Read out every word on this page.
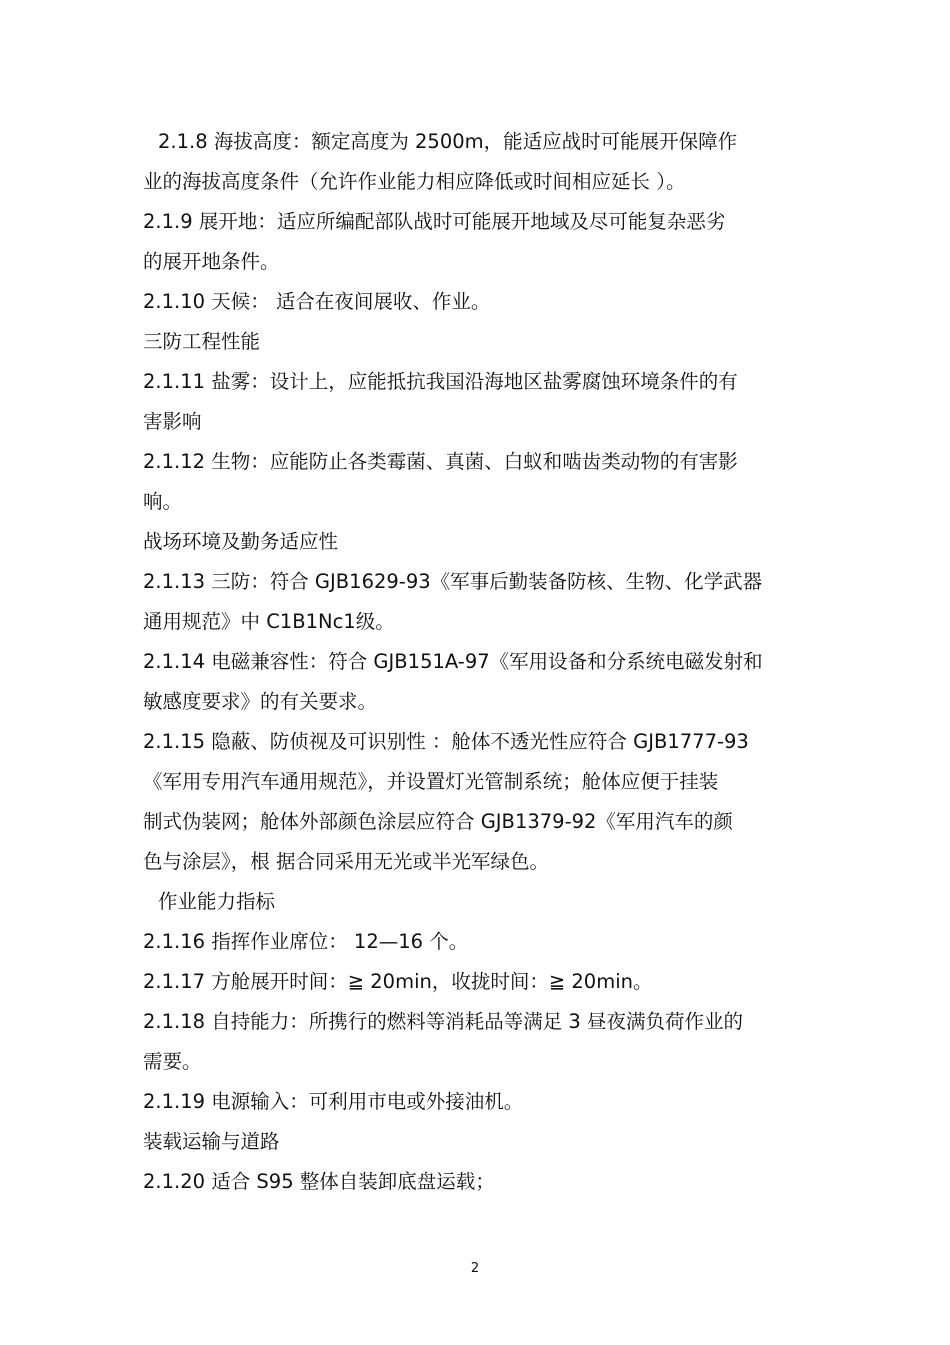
2.1.8 海拔高度：额定高度为 2500m，能适应战时可能展开保障作
业的海拔高度条件（允许作业能力相应降低或时间相应延长 ）。
2.1.9 展开地：适应所编配部队战时可能展开地域及尽可能复杂恶劣
的展开地条件。
2.1.10 天候： 适合在夜间展收、作业。
三防工程性能
2.1.11 盐雾：设计上，应能抵抗我国沿海地区盐雾腐蚀环境条件的有
害影响
2.1.12 生物：应能防止各类霉菌、真菌、白蚁和啮齿类动物的有害影
响。
战场环境及勤务适应性
2.1.13 三防：符合 GJB1629-93《军事后勤装备防核、生物、化学武器
通用规范》中 C1B1Nc1级。
2.1.14 电磁兼容性：符合 GJB151A-97《军用设备和分系统电磁发射和
敏感度要求》的有关要求。
2.1.15 隐蔽、防侦视及可识别性 ：舱体不透光性应符合 GJB1777-93
《军用专用汽车通用规范》，并设置灯光管制系统；舱体应便于挂装
制式伪装网；舱体外部颜色涂层应符合 GJB1379-92《军用汽车的颜
色与涂层》，根 据合同采用无光或半光军绿色。
作业能力指标
2.1.16 指挥作业席位： 12—16 个。
2.1.17 方舱展开时间：≧ 20min，收拢时间：≧ 20min。
2.1.18 自持能力：所携行的燃料等消耗品等满足 3 昼夜满负荷作业的
需要。
2.1.19 电源输入：可利用市电或外接油机。
装载运输与道路
2.1.20 适合 S95 整体自装卸底盘运载；
2
